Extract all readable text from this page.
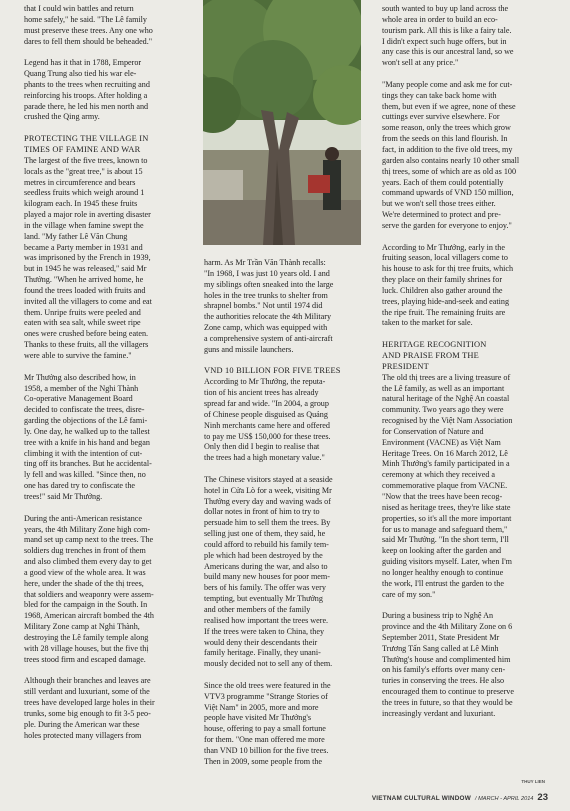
that I could win battles and return
home safely," he said. "The Lê family
must preserve these trees. Any one who
dares to fell them should be beheaded."

Legend has it that in 1788, Emperor
Quang Trung also tied his war ele-
phants to the trees when recruiting and
reinforcing his troops. After holding a
parade there, he led his men north and
crushed the Qing army.

PROTECTING THE VILLAGE IN
TIMES OF FAMINE AND WAR

The largest of the five trees, known to
locals as the "great tree," is about 15
metres in circumference and bears
seedless fruits which weigh around 1
kilogram each. In 1945 these fruits
played a major role in averting disaster
in the village when famine swept the
land. "My father Lê Văn Chung
became a Party member in 1931 and
was imprisoned by the French in 1939,
but in 1945 he was released," said Mr
Thưởng. "When he arrived home, he
found the trees loaded with fruits and
invited all the villagers to come and eat
them. Unripe fruits were peeled and
eaten with sea salt, while sweet ripe
ones were crushed before being eaten.
Thanks to these fruits, all the villagers
were able to survive the famine."

Mr Thưởng also described how, in
1958, a member of the Nghi Thành
Co-operative Management Board
decided to confiscate the trees, disre-
garding the objections of the Lê fami-
ly. One day, he walked up to the tallest
tree with a knife in his hand and began
climbing it with the intention of cut-
ting off its branches. But he accidental-
ly fell and was killed. "Since then, no
one has dared try to confiscate the
trees!" said Mr Thưởng.

During the anti-American resistance
years, the 4th Military Zone high com-
mand set up camp next to the trees. The
soldiers dug trenches in front of them
and also climbed them every day to get
a good view of the whole area. It was
here, under the shade of the thị trees,
that soldiers and weaponry were assem-
bled for the campaign in the South. In
1968, American aircraft bombed the 4th
Military Zone camp at Nghi Thành,
destroying the Lê family temple along
with 28 village houses, but the five thị
trees stood firm and escaped damage.

Although their branches and leaves are
still verdant and luxuriant, some of the
trees have developed large holes in their
trunks, some big enough to fit 3-5 peo-
ple. During the American war these
holes protected many villagers from

harm. As Mr Trần Văn Thành recalls:
"In 1968, I was just 10 years old. I and
my siblings often sneaked into the large
holes in the tree trunks to shelter from
shrapnel bombs." Not until 1974 did
the authorities relocate the 4th Military
Zone camp, which was equipped with
a comprehensive system of anti-aircraft
guns and missile launchers.

VND 10 BILLION FOR FIVE TREES

According to Mr Thưởng, the reputa-
tion of his ancient trees has already
spread far and wide. "In 2004, a group
of Chinese people disguised as Quảng
Ninh merchants came here and offered
to pay me US$ 150,000 for these trees.
Only then did I begin to realise that
the trees had a high monetary value."

The Chinese visitors stayed at a seaside
hotel in Cửa Lò for a week, visiting Mr
Thưởng every day and waving wads of
dollar notes in front of him to try to
persuade him to sell them the trees. By
selling just one of them, they said, he
could afford to rebuild his family tem-
ple which had been destroyed by the
Americans during the war, and also to
build many new houses for poor mem-
bers of his family. The offer was very
tempting, but eventually Mr Thưởng
and other members of the family
realised how important the trees were.
If the trees were taken to China, they
would deny their descendants their
family heritage. Finally, they unani-
mously decided not to sell any of them.

Since the old trees were featured in the
VTV3 programme "Strange Stories of
Việt Nam" in 2005, more and more
people have visited Mr Thưởng's
house, offering to pay a small fortune
for them. "One man offered me more
than VND 10 billion for the five trees.
Then in 2009, some people from the

south wanted to buy up land across the
whole area in order to build an eco-
tourism park. All this is like a fairy tale.
I didn't expect such huge offers, but in
any case this is our ancestral land, so we
won't sell at any price."

"Many people come and ask me for cut-
tings they can take back home with
them, but even if we agree, none of these
cuttings ever survive elsewhere. For
some reason, only the trees which grow
from the seeds on this land flourish. In
fact, in addition to the five old trees, my
garden also contains nearly 10 other small
thị trees, some of which are as old as 100
years. Each of them could potentially
command upwards of VND 150 million,
but we won't sell those trees either.
We're determined to protect and pre-
serve the garden for everyone to enjoy."

According to Mr Thưởng, early in the
fruiting season, local villagers come to
his house to ask for thị tree fruits, which
they place on their family shrines for
luck. Children also gather around the
trees, playing hide-and-seek and eating
the ripe fruit. The remaining fruits are
taken to the market for sale.

HERITAGE RECOGNITION
AND PRAISE FROM THE
PRESIDENT

The old thị trees are a living treasure of
the Lê family, as well as an important
natural heritage of the Nghệ An coastal
community. Two years ago they were
recognised by the Việt Nam Association
for Conservation of Nature and
Environment (VACNE) as Việt Nam
Heritage Trees. On 16 March 2012, Lê
Minh Thưởng's family participated in a
ceremony at which they received a
commemorative plaque from VACNE.
"Now that the trees have been recog-
nised as heritage trees, they're like state
properties, so it's all the more important
for us to manage and safeguard them,"
said Mr Thưởng. "In the short term, I'll
keep on looking after the garden and
guiding visitors myself. Later, when I'm
no longer healthy enough to continue
the work, I'll entrust the garden to the
care of my son."

During a business trip to Nghệ An
province and the 4th Military Zone on 6
September 2011, State President Mr
Trương Tấn Sang called at Lê Minh
Thưởng's house and complimented him
on his family's efforts over many cen-
turies in conserving the trees. He also
encouraged them to continue to preserve
the trees in future, so that they would be
increasingly verdant and luxuriant.

THUY LIEN
VIETNAM CULTURAL WINDOW / MARCH - APRIL 2014 23
